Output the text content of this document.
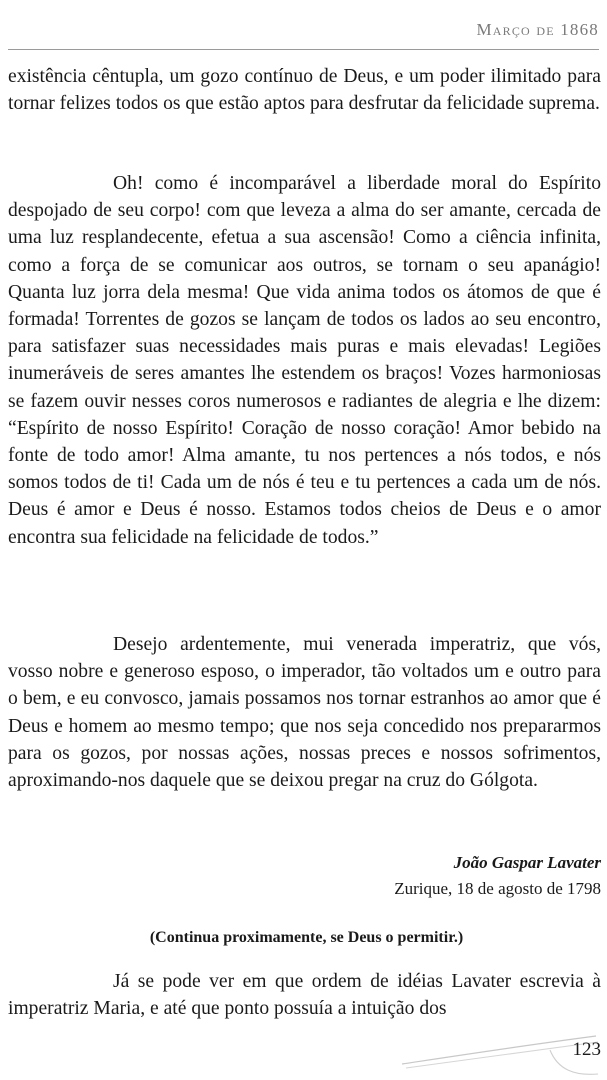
Março de 1868

existência cêntupla, um gozo contínuo de Deus, e um poder ilimitado para tornar felizes todos os que estão aptos para desfrutar da felicidade suprema.

Oh! como é incomparável a liberdade moral do Espírito despojado de seu corpo! com que leveza a alma do ser amante, cercada de uma luz resplandecente, efetua a sua ascensão! Como a ciência infinita, como a força de se comunicar aos outros, se tornam o seu apanágio! Quanta luz jorra dela mesma! Que vida anima todos os átomos de que é formada! Torrentes de gozos se lançam de todos os lados ao seu encontro, para satisfazer suas necessidades mais puras e mais elevadas! Legiões inumeráveis de seres amantes lhe estendem os braços! Vozes harmoniosas se fazem ouvir nesses coros numerosos e radiantes de alegria e lhe dizem: “Espírito de nosso Espírito! Coração de nosso coração! Amor bebido na fonte de todo amor! Alma amante, tu nos pertences a nós todos, e nós somos todos de ti! Cada um de nós é teu e tu pertences a cada um de nós. Deus é amor e Deus é nosso. Estamos todos cheios de Deus e o amor encontra sua felicidade na felicidade de todos.”

Desejo ardentemente, mui venerada imperatriz, que vós, vosso nobre e generoso esposo, o imperador, tão voltados um e outro para o bem, e eu convosco, jamais possamos nos tornar estranhos ao amor que é Deus e homem ao mesmo tempo; que nos seja concedido nos prepararmos para os gozos, por nossas ações, nossas preces e nossos sofrimentos, aproximando-nos daquele que se deixou pregar na cruz do Gólgota.

João Gaspar Lavater
Zurique, 18 de agosto de 1798
(Continua proximamente, se Deus o permitir.)

Já se pode ver em que ordem de idéias Lavater escrevia à imperatriz Maria, e até que ponto possuía a intuição dos

123
